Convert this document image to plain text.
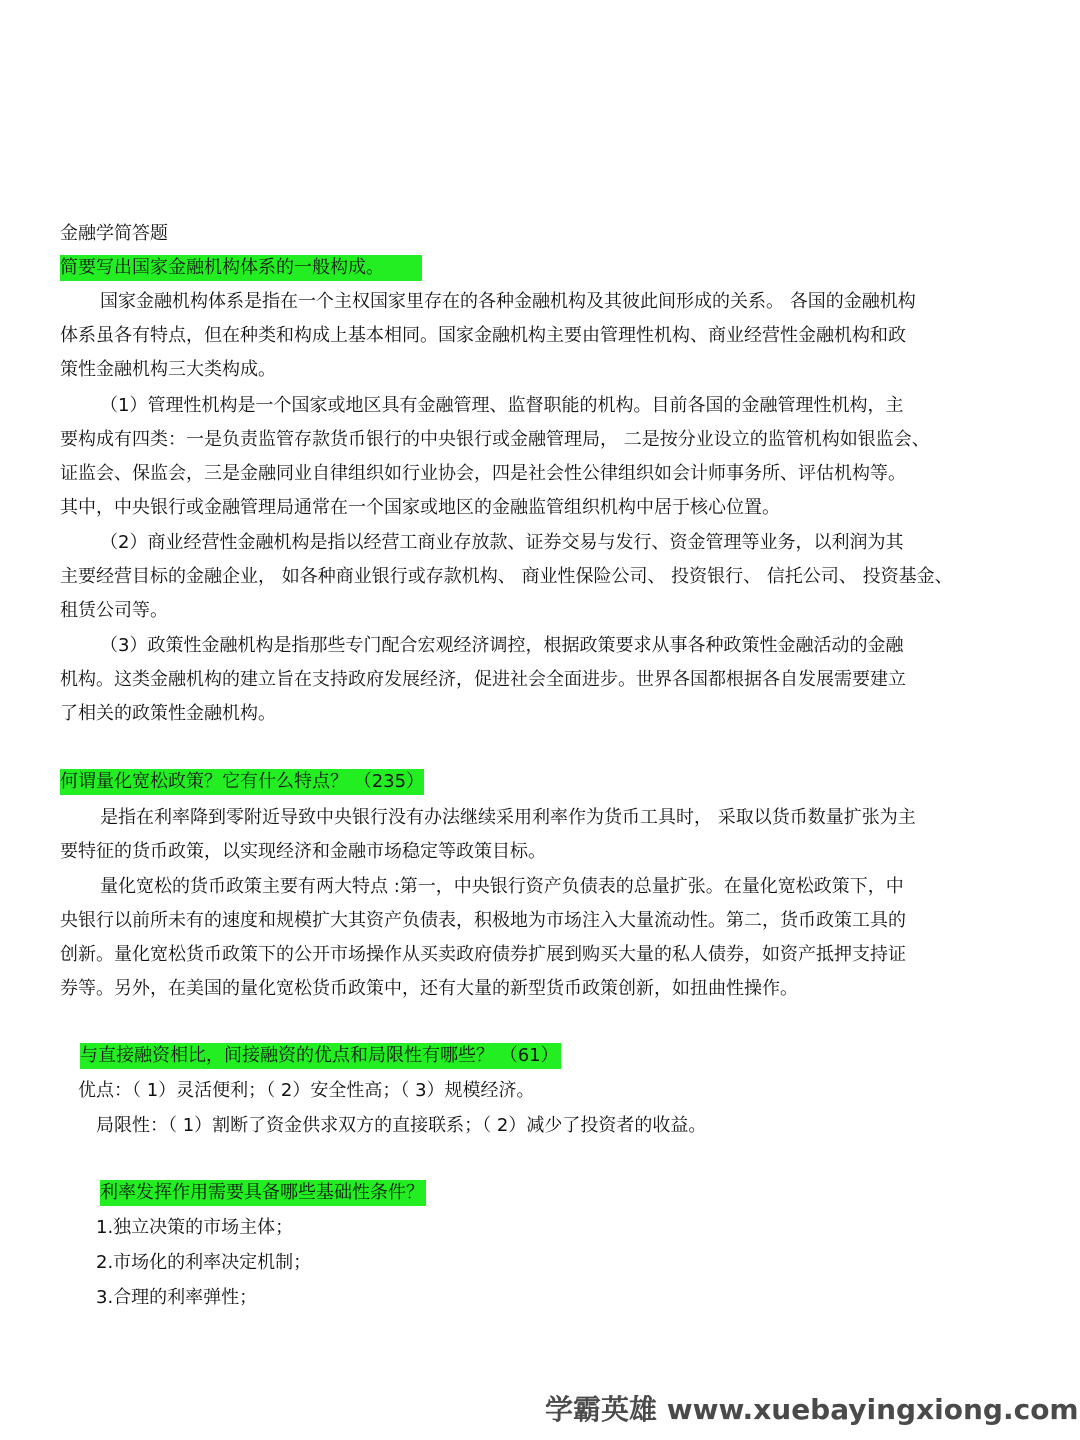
金融学简答题

简要写出国家金融机构体系的一般构成。

国家金融机构体系是指在一个主权国家里存在的各种金融机构及其彼此间形成的关系。 各国的金融机构

体系虽各有特点，但在种类和构成上基本相同。国家金融机构主要由管理性机构、商业经营性金融机构和政

策性金融机构三大类构成。

（1）管理性机构是一个国家或地区具有金融管理、监督职能的机构。目前各国的金融管理性机构，主

要构成有四类：一是负责监管存款货币银行的中央银行或金融管理局， 二是按分业设立的监管机构如银监会、

证监会、保监会，三是金融同业自律组织如行业协会，四是社会性公律组织如会计师事务所、评估机构等。

其中，中央银行或金融管理局通常在一个国家或地区的金融监管组织机构中居于核心位置。

（2）商业经营性金融机构是指以经营工商业存放款、证券交易与发行、资金管理等业务，以利润为其

主要经营目标的金融企业， 如各种商业银行或存款机构、 商业性保险公司、 投资银行、 信托公司、 投资基金、

租赁公司等。

（3）政策性金融机构是指那些专门配合宏观经济调控，根据政策要求从事各种政策性金融活动的金融

机构。这类金融机构的建立旨在支持政府发展经济，促进社会全面进步。世界各国都根据各自发展需要建立

了相关的政策性金融机构。

何谓量化宽松政策？它有什么特点？ （235）

是指在利率降到零附近导致中央银行没有办法继续采用利率作为货币工具时， 采取以货币数量扩张为主

要特征的货币政策，以实现经济和金融市场稳定等政策目标。

量化宽松的货币政策主要有两大特点 :第一，中央银行资产负债表的总量扩张。在量化宽松政策下，中

央银行以前所未有的速度和规模扩大其资产负债表，积极地为市场注入大量流动性。第二，货币政策工具的

创新。量化宽松货币政策下的公开市场操作从买卖政府债券扩展到购买大量的私人债券，如资产抵押支持证

券等。另外，在美国的量化宽松货币政策中，还有大量的新型货币政策创新，如扭曲性操作。

与直接融资相比，间接融资的优点和局限性有哪些？ （61）

优点：（ 1）灵活便利；（ 2）安全性高；（ 3）规模经济。

局限性：（ 1）割断了资金供求双方的直接联系；（ 2）减少了投资者的收益。

利率发挥作用需要具备哪些基础性条件？

1.独立决策的市场主体；

2.市场化的利率决定机制；

3.合理的利率弹性；

学霸英雄 www.xuebayingxiong.com
